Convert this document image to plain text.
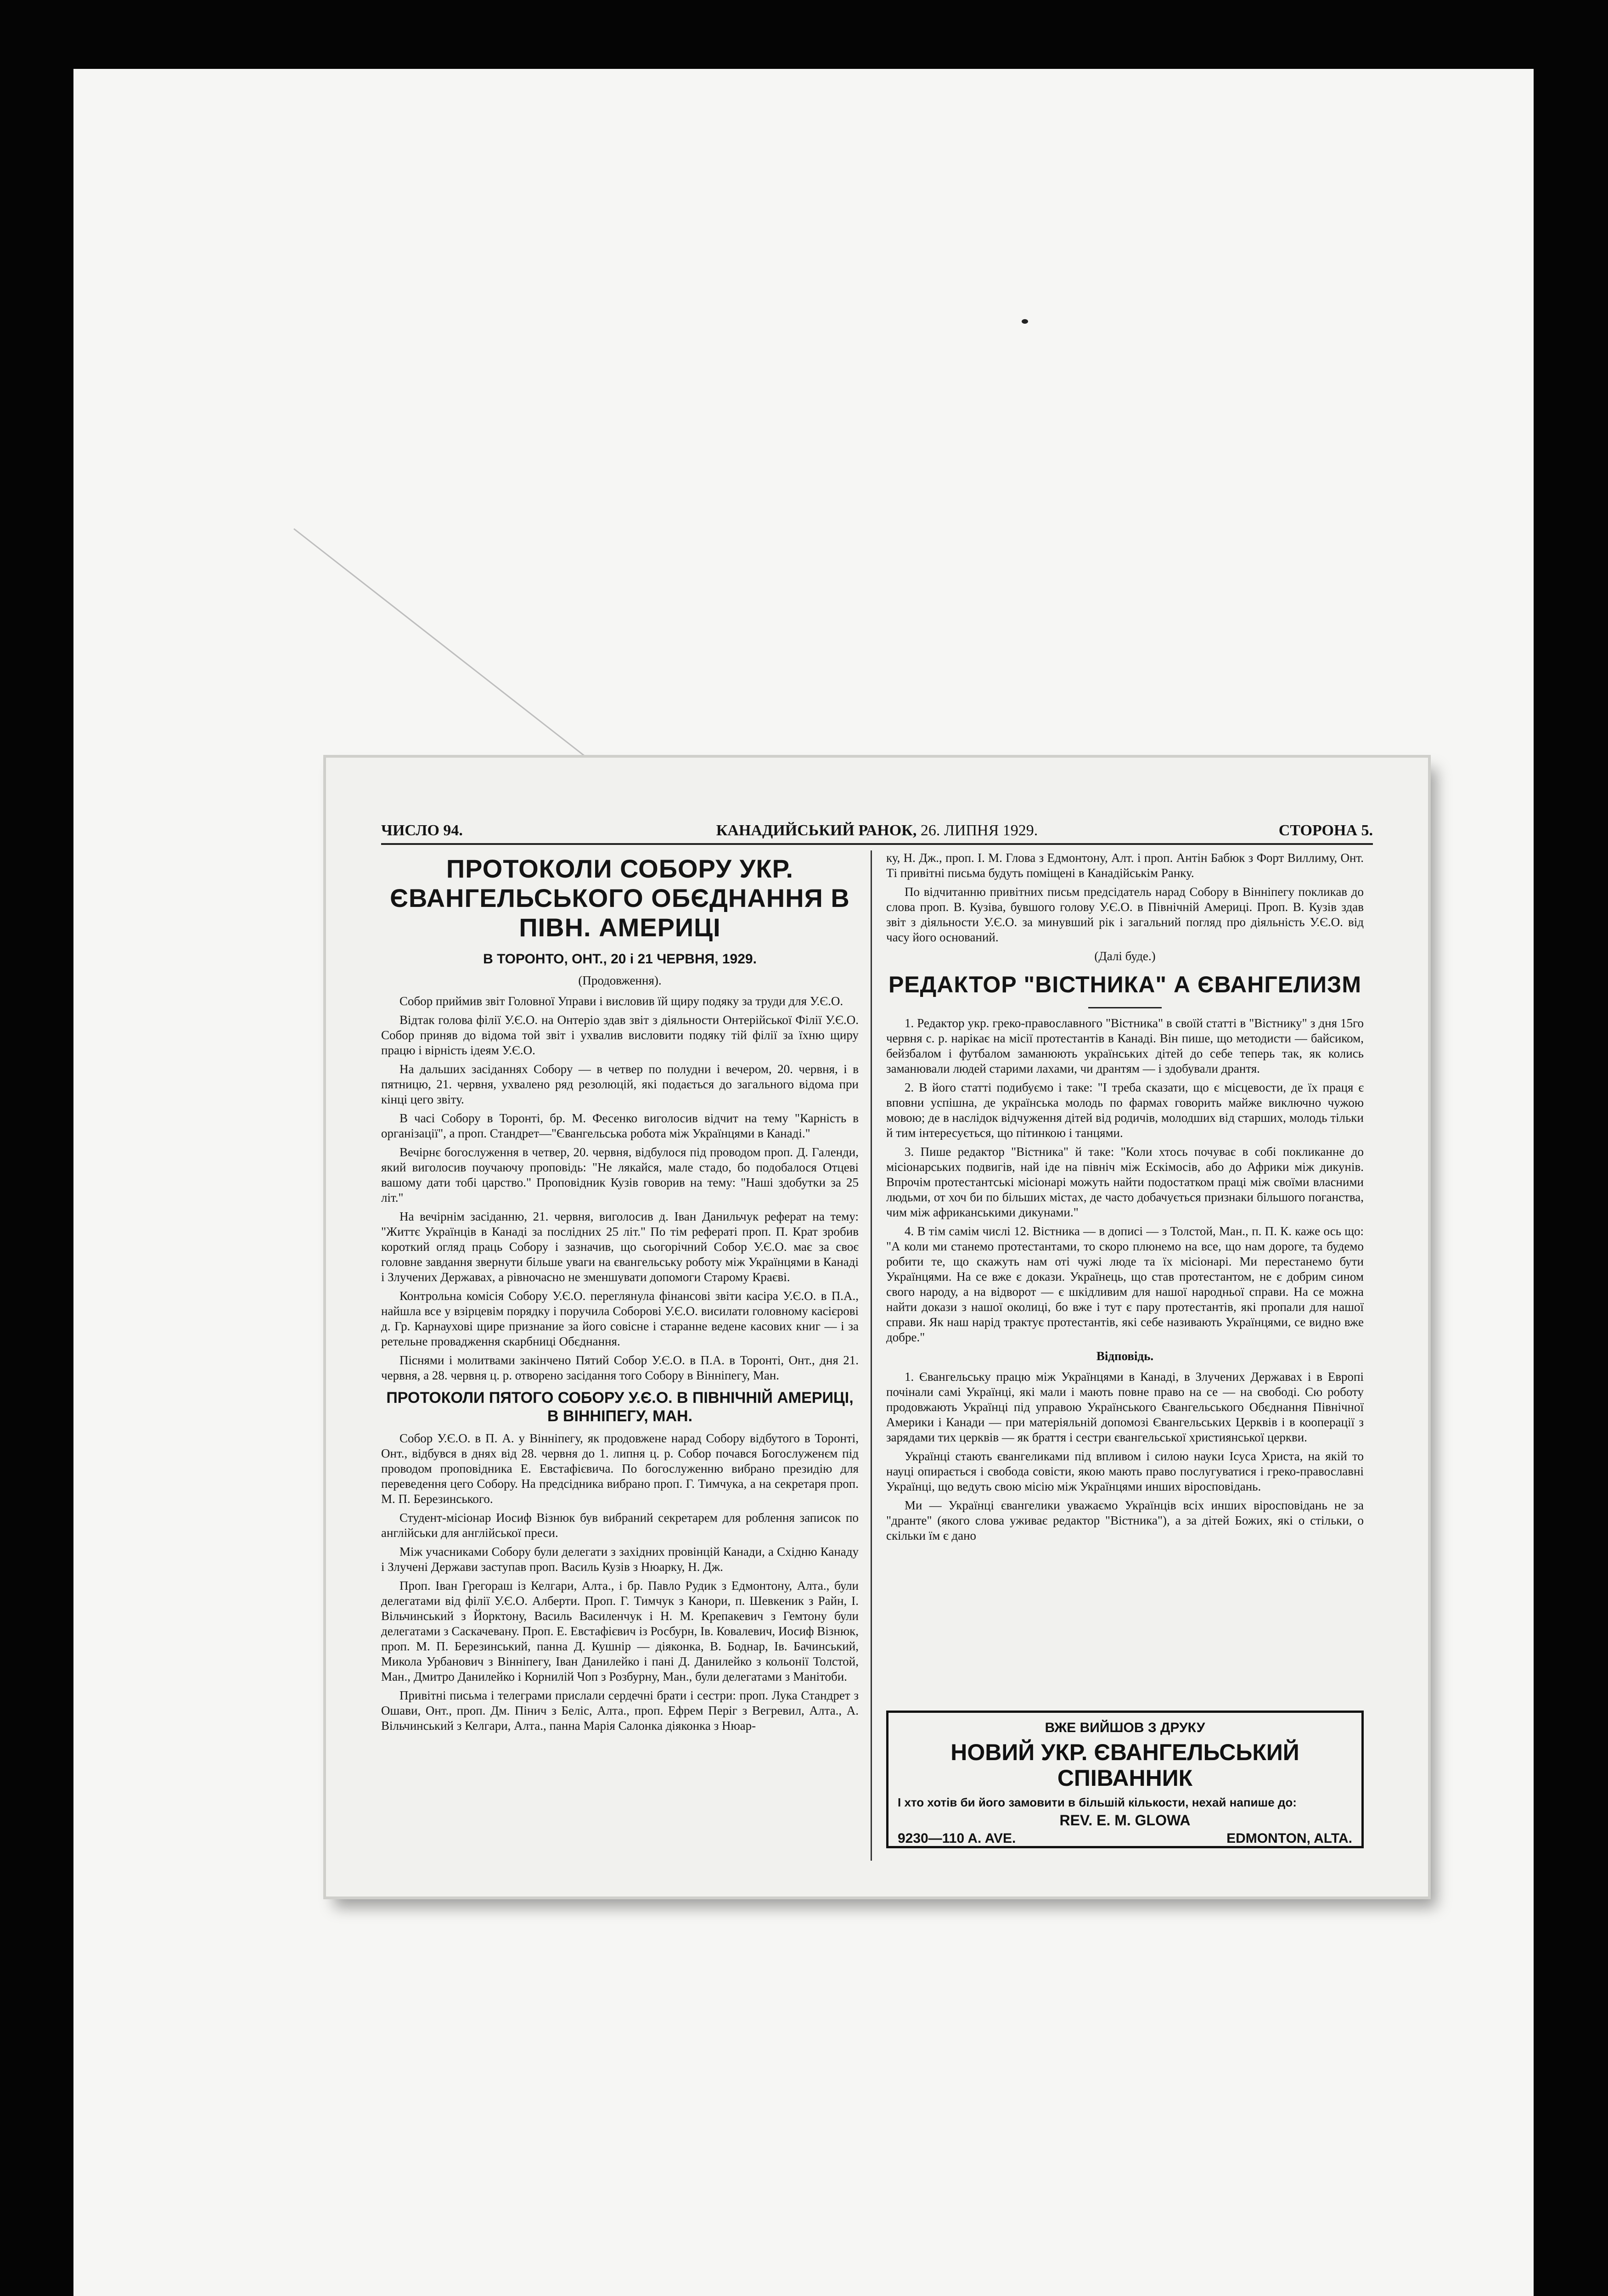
ЧИСЛО 94.	КАНАДИЙСЬКИЙ РАНОК, 26. ЛИПНЯ 1929.	СТОРОНА 5.
ПРОТОКОЛИ СОБОРУ УКР. ЄВАНГЕЛЬСЬКОГО ОБЄДНАННЯ В ПІВН. АМЕРИЦІ
В ТОРОНТО, ОНТ., 20 і 21 ЧЕРВНЯ, 1929.

(Продовження).

Собор приймив звіт Головної Управи і висловив їй щиру подяку за труди для У.Є.О.

Відтак голова філії У.Є.О. на Онтеріо здав звіт з діяльности Онтерійської Філії У.Є.О. Собор приняв до відома той звіт і ухвалив висловити подяку тій філії за їхню щиру працю і вірність ідеям У.Є.О.

На дальших засіданнях Собору — в четвер по полудни і вечером, 20. червня, і в пятницю, 21. червня, ухвалено ряд резолюцій, які подається до загального відома при кінці цего звіту.

В часі Собору в Торонті, бр. М. Фесенко виголосив відчит на тему "Карність в організації", а проп. Стандрет—"Євангельська робота між Українцями в Канаді."

Вечірнє богослуження в четвер, 20. червня, відбулося під проводом проп. Д. Галенди, який виголосив поучаючу проповідь: "Не лякайся, мале стадо, бо подобалося Отцеві вашому дати тобі царство." Проповідник Кузів говорив на тему: "Наші здобутки за 25 літ."

На вечірнім засіданню, 21. червня, виголосив д. Іван Данильчук реферат на тему: "Життє Українців в Канаді за послідних 25 літ." По тім рефераті проп. П. Крат зробив короткий огляд праць Собору і зазначив, що сьогорічний Собор У.Є.О. має за своє головне завдання звернути більше уваги на євангельську роботу між Українцями в Канаді і Злучених Державах, а рівночасно не зменшувати допомоги Старому Краєві.

Контрольна комісія Собору У.Є.О. переглянула фінансові звіти касіра У.Є.О. в П.А., найшла все у взірцевім порядку і поручила Соборові У.Є.О. висилати головному касієрові д. Гр. Карнаухові щире признание за його совісне і старанне ведене касових книг — і за ретельне провадження скарбниці Обєднання.

Піснями і молитвами закінчено Пятий Собор У.Є.О. в П.А. в Торонті, Онт., дня 21. червня, а 28. червня ц. р. отворено засідання того Собору в Вінніпегу, Ман.

ПРОТОКОЛИ ПЯТОГО СОБОРУ У.Є.О. В ПІВНІЧНІЙ АМЕРИЦІ, В ВІННІПЕГУ, МАН.

Собор У.Є.О. в П. А. у Вінніпегу, як продовжене нарад Собору відбутого в Торонті, Онт., відбувся в днях від 28. червня до 1. липня ц. р. Собор почався Богослуженєм під проводом проповідника Е. Евстафієвича. По богослуженню вибрано президію для переведення цего Собору. На предсідника вибрано проп. Г. Тимчука, а на секретаря проп. М. П. Березинського.

Студент-місіонар Иосиф Візнюк був вибраний секретарем для роблення записок по англійськи для англійської преси.

Між учасниками Собору були делегати з західних провінцій Канади, а Східню Канаду і Злучені Держави заступав проп. Василь Кузів з Нюарку, Н. Дж.

Проп. Іван Грегораш із Келгари, Алта., і бр. Павло Рудик з Едмонтону, Алта., були делегатами від філії У.Є.О. Алберти. Проп. Г. Тимчук з Канори, п. Шевкеник з Райн, І. Вільчинський з Йорктону, Василь Василенчук і Н. М. Крепакевич з Гемтону були делегатами з Саскачевану. Проп. Е. Евстафієвич із Росбурн, Ів. Ковалевич, Иосиф Візнюк, проп. М. П. Березинський, панна Д. Кушнір — діяконка, В. Боднар, Ів. Бачинський, Микола Урбанович з Вінніпегу, Іван Данилейко і пані Д. Данилейко з кольонії Толстой, Ман., Дмитро Данилейко і Корнилій Чоп з Розбурну, Ман., були делегатами з Манітоби.

Привітні письма і телеграми прислали сердечні брати і сестри: проп. Лука Стандрет з Ошави, Онт., проп. Дм. Пінич з Беліс, Алта., проп. Ефрем Періг з Вегревил, Алта., А. Вільчинський з Келгари, Алта., панна Марія Салонка діяконка з Нюар-

ку, Н. Дж., проп. І. М. Глова з Едмонтону, Алт. і проп. Антін Бабюк з Форт Виллиму, Онт. Ті привітні письма будуть поміщені в Канадійськім Ранку.

По відчитанню привітних письм предсідатель нарад Собору в Вінніпегу покликав до слова проп. В. Кузіва, бувшого голову У.Є.О. в Північній Америці. Проп. В. Кузів здав звіт з діяльности У.Є.О. за минувший рік і загальний погляд про діяльність У.Є.О. від часу його оснований.

(Далі буде.)

РЕДАКТОР "ВІСТНИКА" А ЄВАНГЕЛИЗМ

1. Редактор укр. греко-православного "Вістника" в своїй статті в "Вістнику" з дня 15го червня с. р. нарікає на місії протестантів в Канаді. Він пише, що методисти — байсиком, бейзбалом і футбалом заманюють українських дітей до себе теперь так, як колись заманювали людей старими лахами, чи дрантям — і здобували дрантя.

2. В його статті подибуємо і таке: "І треба сказати, що є місцевости, де їх праця є вповни успішна, де українська молодь по фармах говорить майже виключно чужою мовою; де в наслідок відчуження дітей від родичів, молодших від старших, молодь тільки й тим інтересується, що пітинкою і танцями.

3. Пише редактор "Вістника" й таке: "Коли хтось почуває в собі покликанне до місіонарських подвигів, най іде на північ між Ескімосів, або до Африки між дикунів. Впрочім протестантські місіонарі можуть найти подостатком праці між своїми власними людьми, от хоч би по більших містах, де часто добачується признаки більшого поганства, чим між африканськими дикунами."

4. В тім самім числі 12. Вістника — в дописі — з Толстой, Ман., п. П. К. каже ось що: "А коли ми станемо протестантами, то скоро плюнемо на все, що нам дороге, та будемо робити те, що скажуть нам оті чужі люде та їх місіонарі. Ми перестанемо бути Українцями. На се вже є докази. Українець, що став протестантом, не є добрим сином свого народу, а на відворот — є шкідливим для нашої народньої справи. На се можна найти докази з нашої околиці, бо вже і тут є пару протестантів, які пропали для нашої справи. Як наш нарід трактує протестантів, які себе називають Українцями, се видно вже добре."

Відповідь.

1. Євангельську працю між Українцями в Канаді, в Злучених Державах і в Европі почінали самі Українці, які мали і мають повне право на се — на свободі. Сю роботу продовжають Українці під управою Українського Євангельського Обєднання Північної Америки і Канади — при матеріяльній допомозі Євангельських Церквів і в кооперації з зарядами тих церквів — як браття і сестри євангельської християнської церкви.

Українці стають євангеликами під впливом і силою науки Ісуса Христа, на якій то науці опирається і свобода совісти, якою мають право послугуватися і греко-православні Українці, що ведуть свою місію між Українцями инших віросповідань.

Ми — Українці євангелики уважаємо Українців всіх инших віросповідань не за "дранте" (якого слова уживає редактор "Вістника"), а за дітей Божих, які о стільки, о скільки їм є дано

ВЖЕ ВИЙШОВ З ДРУКУ
НОВИЙ УКР. ЄВАНГЕЛЬСЬКИЙ СПІВАННИК
І хто хотів би його замовити в більшій кількости, нехай напише до:
REV. E. M. GLOWA
9230—110 A. AVE.	EDMONTON, ALTA.
